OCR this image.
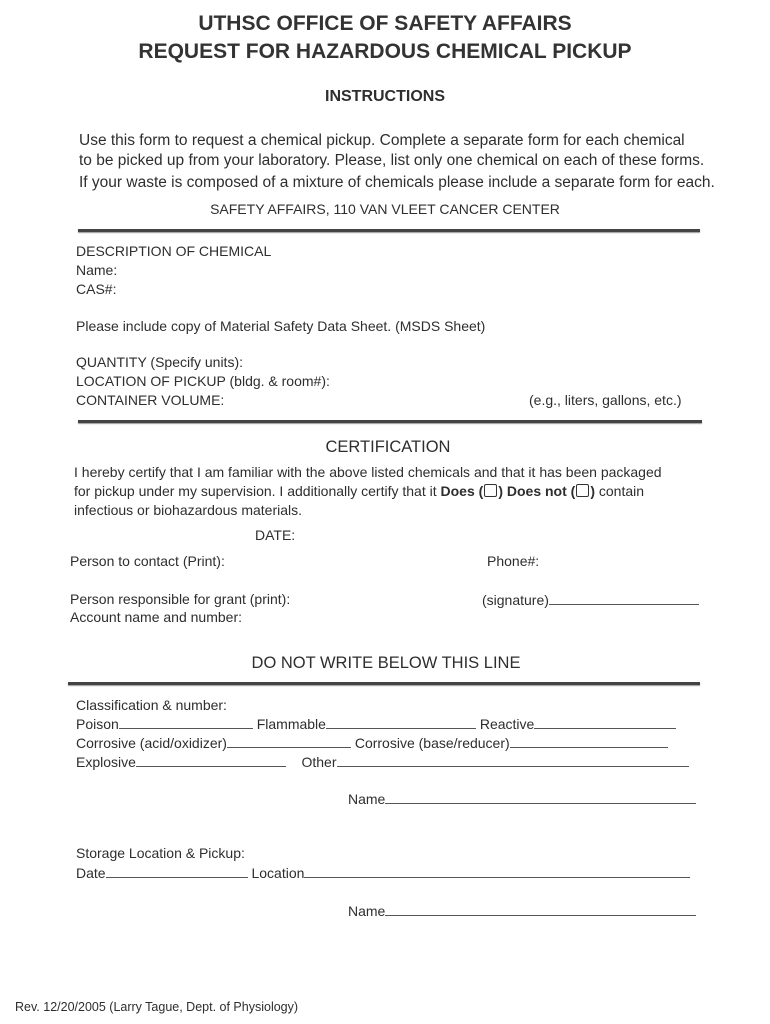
UTHSC OFFICE OF SAFETY AFFAIRS
REQUEST FOR HAZARDOUS CHEMICAL PICKUP
INSTRUCTIONS
Use this form to request a chemical pickup. Complete a separate form for each chemical
to be picked up from your laboratory. Please, list only one chemical on each of these forms.
If your waste is composed of a mixture of chemicals please include a separate form for each.
SAFETY AFFAIRS, 110 VAN VLEET CANCER CENTER
DESCRIPTION OF CHEMICAL
Name:
CAS#:
Please include copy of Material Safety Data Sheet. (MSDS Sheet)
QUANTITY (Specify units):
LOCATION OF PICKUP (bldg. & room#):
CONTAINER VOLUME:	(e.g., liters, gallons, etc.)
CERTIFICATION
I hereby certify that I am familiar with the above listed chemicals and that it has been packaged
for pickup under my supervision. I additionally certify that it Does ( ) Does not ( ) contain
infectious or biohazardous materials.
DATE:
Person to contact (Print):	Phone#:
Person responsible for grant (print):	(signature)
Account name and number:
DO NOT WRITE BELOW THIS LINE
Classification & number:
Poison	Flammable	Reactive
Corrosive (acid/oxidizer)	Corrosive (base/reducer)
Explosive	Other
Name
Storage Location & Pickup:
Date	Location
Name
Rev. 12/20/2005 (Larry Tague, Dept. of Physiology)
